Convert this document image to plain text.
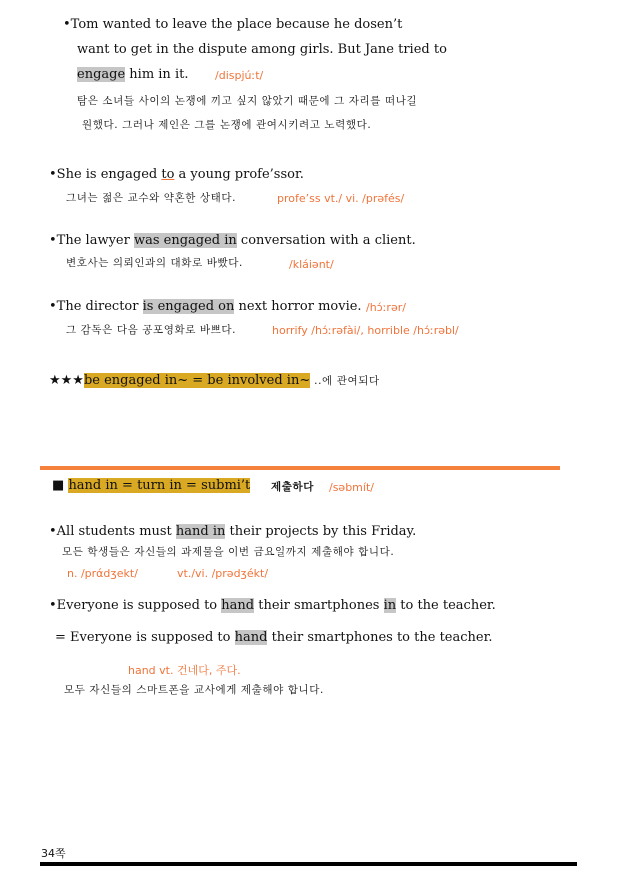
•Tom wanted to leave the place because he dosen’t
want to get in the dispute among girls. But Jane tried to
engage him in it. /dispjúːt/
탐은 소녀들 사이의 논쟁에 끼고 싶지 않았기 때문에 그 자리를 떠나길
원했다. 그러나 제인은 그를 논쟁에 관여시키려고 노력했다.
•She is engaged to a young profe’ssor.
그녀는 젊은 교수와 약혼한 상태다.	profe’ss vt./ vi. /prəfés/
•The lawyer was engaged in conversation with a client.
변호사는 의뢰인과의 대화로 바빴다.	/kláiənt/
•The director is engaged on next horror movie. /hɔ́ːrər/
그 감독은 다음 공포영화로 바쁘다.	horrify /hɔ́ːrəfài/, horrible /hɔ́ːrəbl/
★★★be engaged in~ = be involved in~ ..에 관여되다
■ hand in = turn in = submi’t 제출하다 /səbmít/
•All students must hand in their projects by this Friday.
모든 학생들은 자신들의 과제물을 이번 금요일까지 제출해야 합니다.
n. /prάdʒekt/	vt./vi. /prədʒékt/
•Everyone is supposed to hand their smartphones in to the teacher.
= Everyone is supposed to hand their smartphones to the teacher.
hand vt. 건네다, 주다.
모두 자신들의 스마트폰을 교사에게 제출해야 합니다.
34쪽
